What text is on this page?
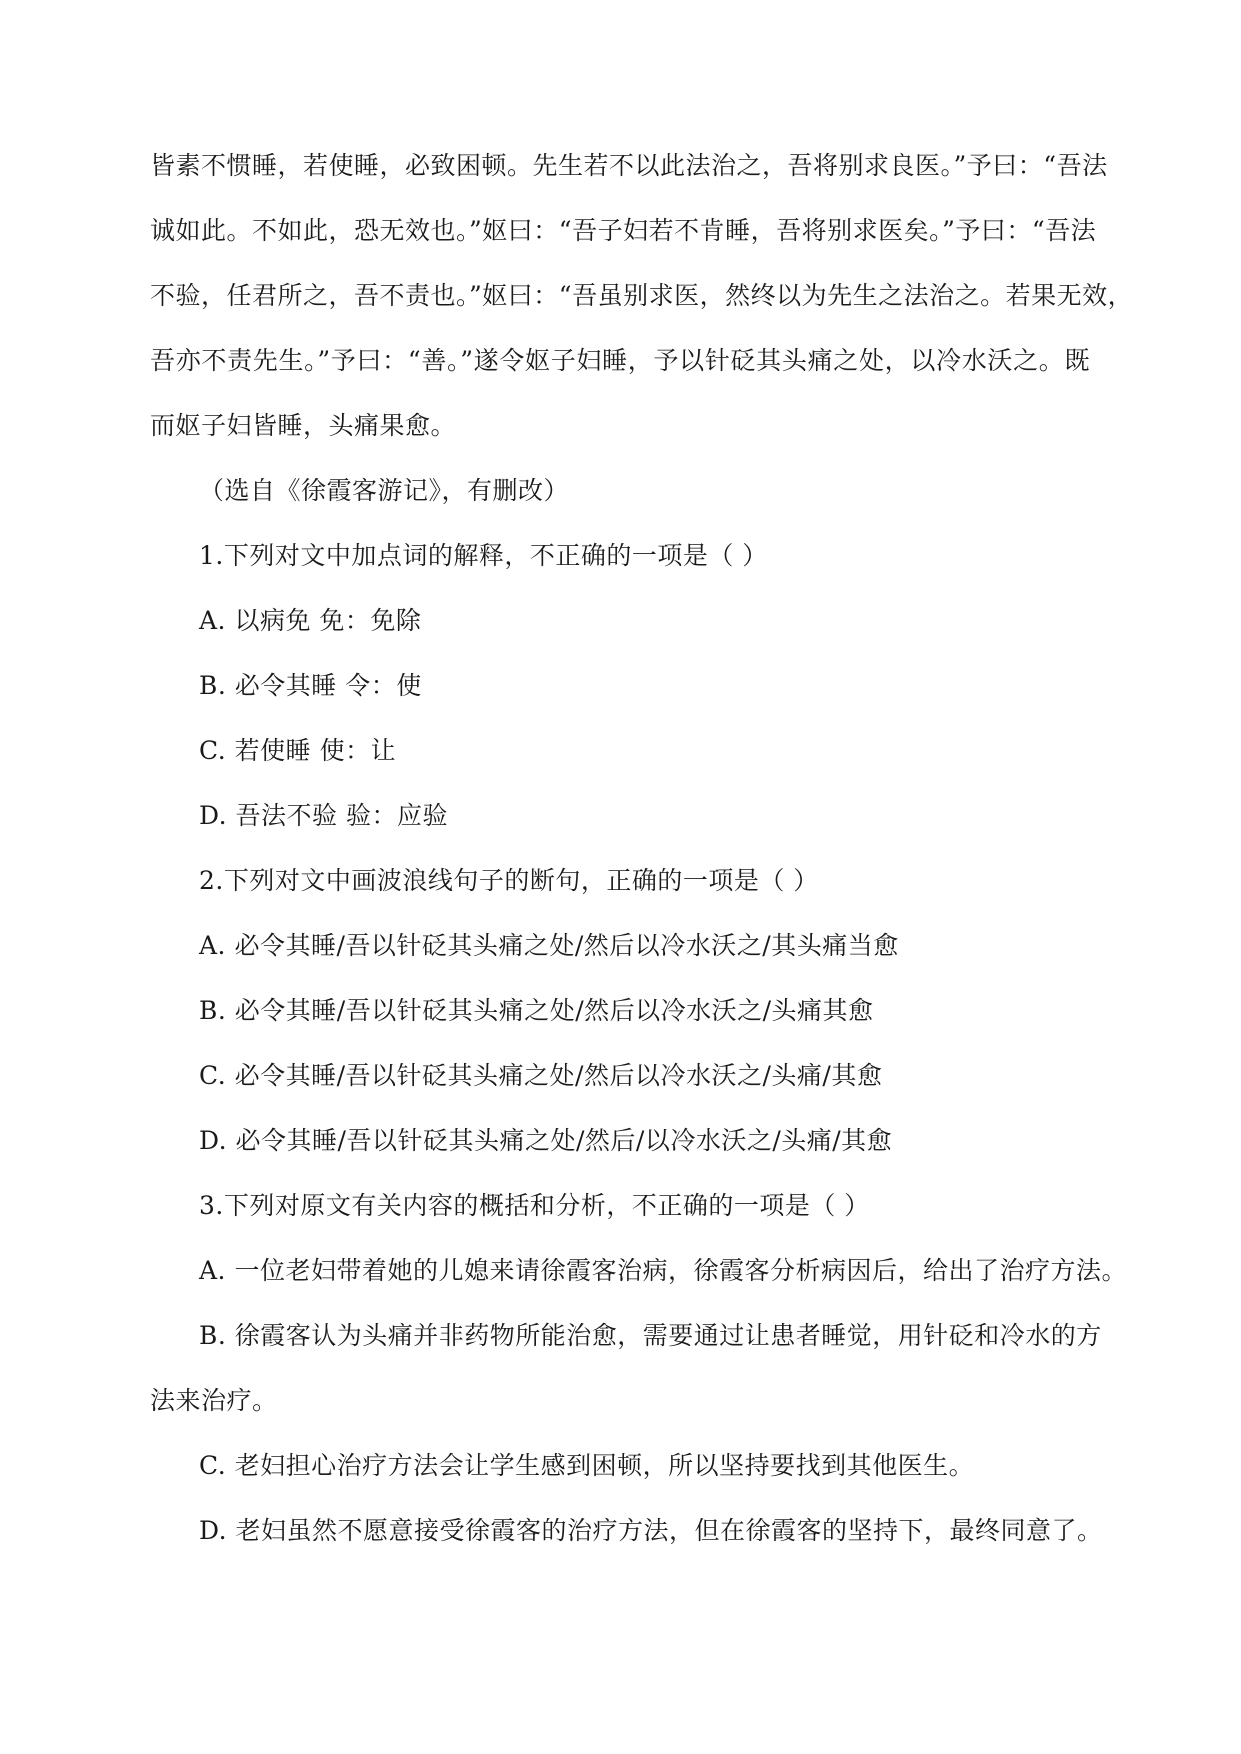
皆素不惯睡，若使睡，必致困顿。先生若不以此法治之，吾将别求良医。”予曰：“吾法
诚如此。不如此，恐无效也。”妪曰：“吾子妇若不肯睡，吾将别求医矣。”予曰：“吾法
不验，任君所之，吾不责也。”妪曰：“吾虽别求医，然终以为先生之法治之。若果无效，
吾亦不责先生。”予曰：“善。”遂令妪子妇睡，予以针砭其头痛之处，以冷水沃之。既
而妪子妇皆睡，头痛果愈。
（选自《徐霞客游记》，有删改）
1.下列对文中加点词的解释，不正确的一项是（ ）
A. 以病免 免：免除
B. 必令其睡 令：使
C. 若使睡 使：让
D. 吾法不验 验：应验
2.下列对文中画波浪线句子的断句，正确的一项是（ ）
A. 必令其睡/吾以针砭其头痛之处/然后以冷水沃之/其头痛当愈
B. 必令其睡/吾以针砭其头痛之处/然后以冷水沃之/头痛其愈
C. 必令其睡/吾以针砭其头痛之处/然后以冷水沃之/头痛/其愈
D. 必令其睡/吾以针砭其头痛之处/然后/以冷水沃之/头痛/其愈
3.下列对原文有关内容的概括和分析，不正确的一项是（ ）
A. 一位老妇带着她的儿媳来请徐霞客治病，徐霞客分析病因后，给出了治疗方法。
B. 徐霞客认为头痛并非药物所能治愈，需要通过让患者睡觉，用针砭和冷水的方
法来治疗。
C. 老妇担心治疗方法会让学生感到困顿，所以坚持要找到其他医生。
D. 老妇虽然不愿意接受徐霞客的治疗方法，但在徐霞客的坚持下，最终同意了。
